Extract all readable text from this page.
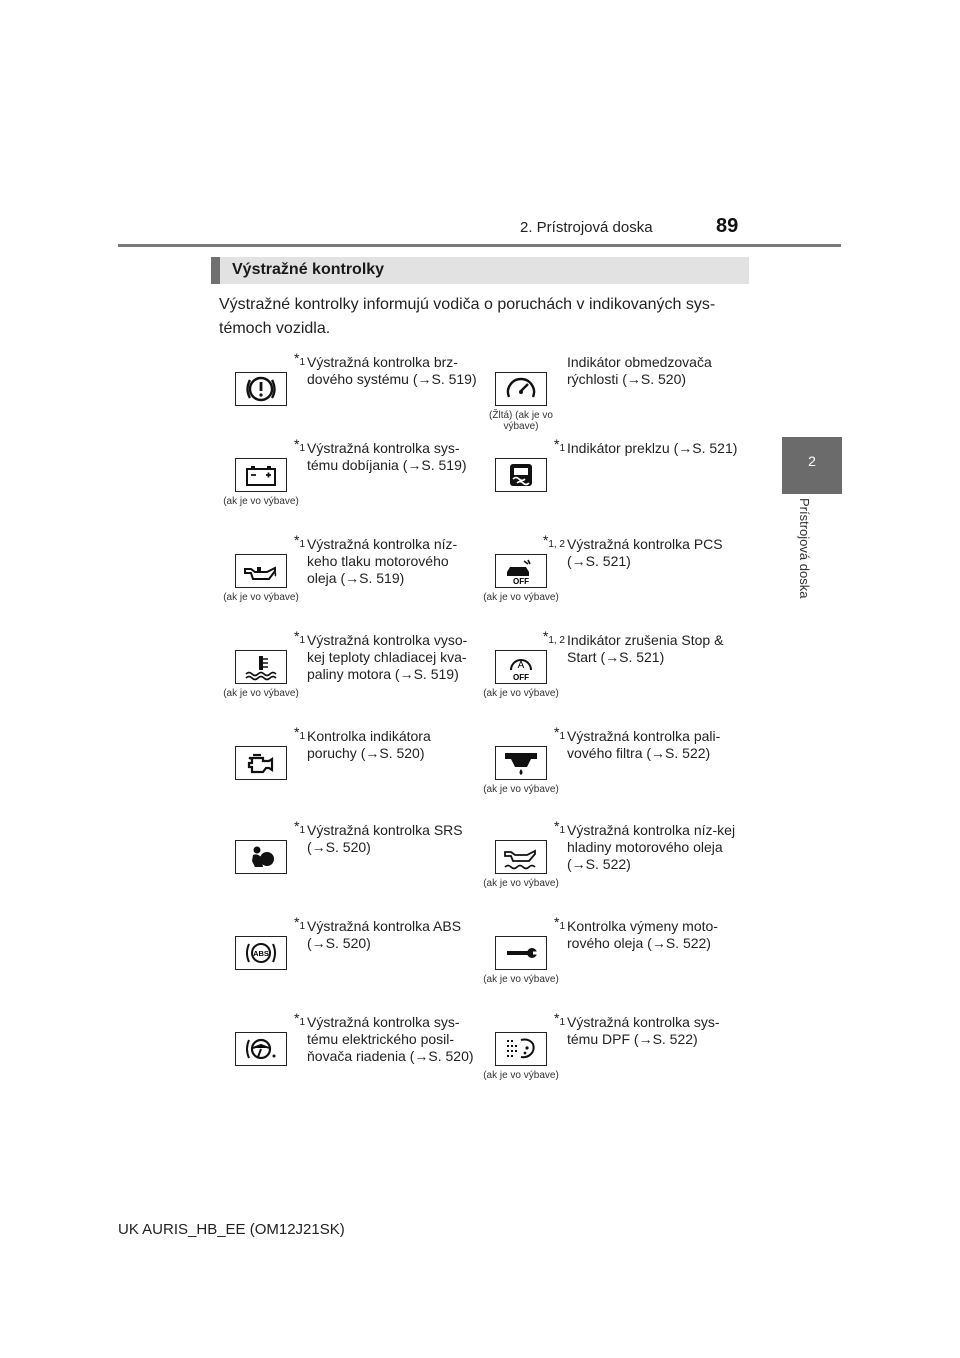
2. Prístrojová doska	89
2
Prístrojová doska
Výstražné kontrolky
Výstražné kontrolky informujú vodiča o poruchách v indikovaných sys-témoch vozidla.
$*_1$ Výstražná kontrolka brz-dového systému (→S. 519)
(Žltá) (ak je vo výbave)
Indikátor obmedzovača rýchlosti (→S. 520)
$*_1$
(ak je vo výbave)
Výstražná kontrolka sys-tému dobíjania (→S. 519)
$*_1$ Indikátor preklzu (→S. 521)
$*_1$
(ak je vo výbave)
Výstražná kontrolka níz-keho tlaku motorového oleja (→S. 519)
$*_{1, 2}$
OFF
(ak je vo výbave)
Výstražná kontrolka PCS (→S. 521)
$*_1$
(ak je vo výbave)
Výstražná kontrolka vyso-kej teploty chladiacej kva-paliny motora (→S. 519)
$*_{1, 2}$
A
OFF
(ak je vo výbave)
Indikátor zrušenia Stop & Start (→S. 521)
$*_1$ Kontrolka indikátora poruchy (→S. 520)
$*_1$
(ak je vo výbave)
Výstražná kontrolka pali-vového filtra (→S. 522)
$*_1$ Výstražná kontrolka SRS (→S. 520)
$*_1$
(ak je vo výbave)
Výstražná kontrolka níz-kej hladiny motorového oleja (→S. 522)
$*_1$
ABS
Výstražná kontrolka ABS (→S. 520)
$*_1$
(ak je vo výbave)
Kontrolka výmeny moto-rového oleja (→S. 522)
$*_1$ Výstražná kontrolka sys-tému elektrického posil-ňovača riadenia (→S. 520)
$*_1$
(ak je vo výbave)
Výstražná kontrolka sys-tému DPF (→S. 522)
UK AURIS_HB_EE (OM12J21SK)
